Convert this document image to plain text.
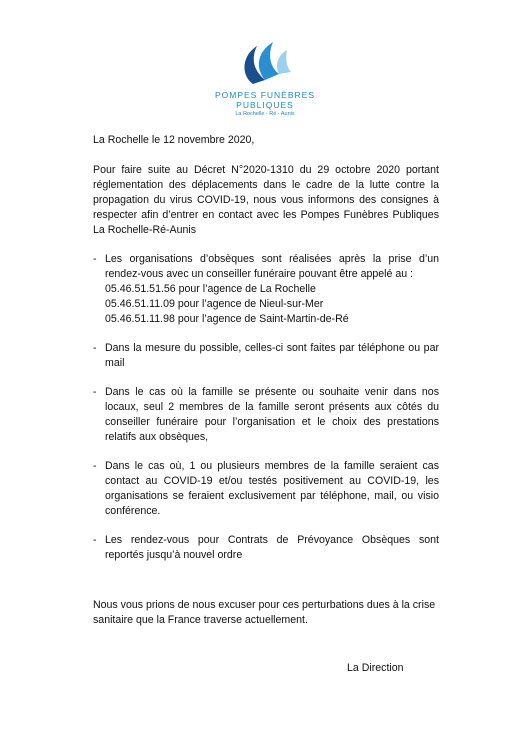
POMPES FUNÈBRES
PUBLIQUES
La Rochelle · Ré · Aunis
La Rochelle le 12 novembre 2020,
Pour faire suite au Décret N°2020-1310 du 29 octobre 2020 portant réglementation des déplacements dans le cadre de la lutte contre la propagation du virus COVID-19, nous vous informons des consignes à respecter afin d’entrer en contact avec les Pompes Funèbres Publiques La Rochelle-Ré-Aunis
- Les organisations d’obsèques sont réalisées après la prise d’un rendez-vous avec un conseiller funéraire pouvant être appelé au :
05.46.51.51.56 pour l’agence de La Rochelle
05.46.51.11.09 pour l’agence de Nieul-sur-Mer
05.46.51.11.98 pour l’agence de Saint-Martin-de-Ré
- Dans la mesure du possible, celles-ci sont faites par téléphone ou par mail
- Dans le cas où la famille se présente ou souhaite venir dans nos locaux, seul 2 membres de la famille seront présents aux côtés du conseiller funéraire pour l’organisation et le choix des prestations relatifs aux obsèques,
- Dans le cas où, 1 ou plusieurs membres de la famille seraient cas contact au COVID-19 et/ou testés positivement au COVID-19, les organisations se feraient exclusivement par téléphone, mail, ou visio conférence.
- Les rendez-vous pour Contrats de Prévoyance Obsèques sont reportés jusqu’à nouvel ordre
Nous vous prions de nous excuser pour ces perturbations dues à la crise sanitaire que la France traverse actuellement.
La Direction
